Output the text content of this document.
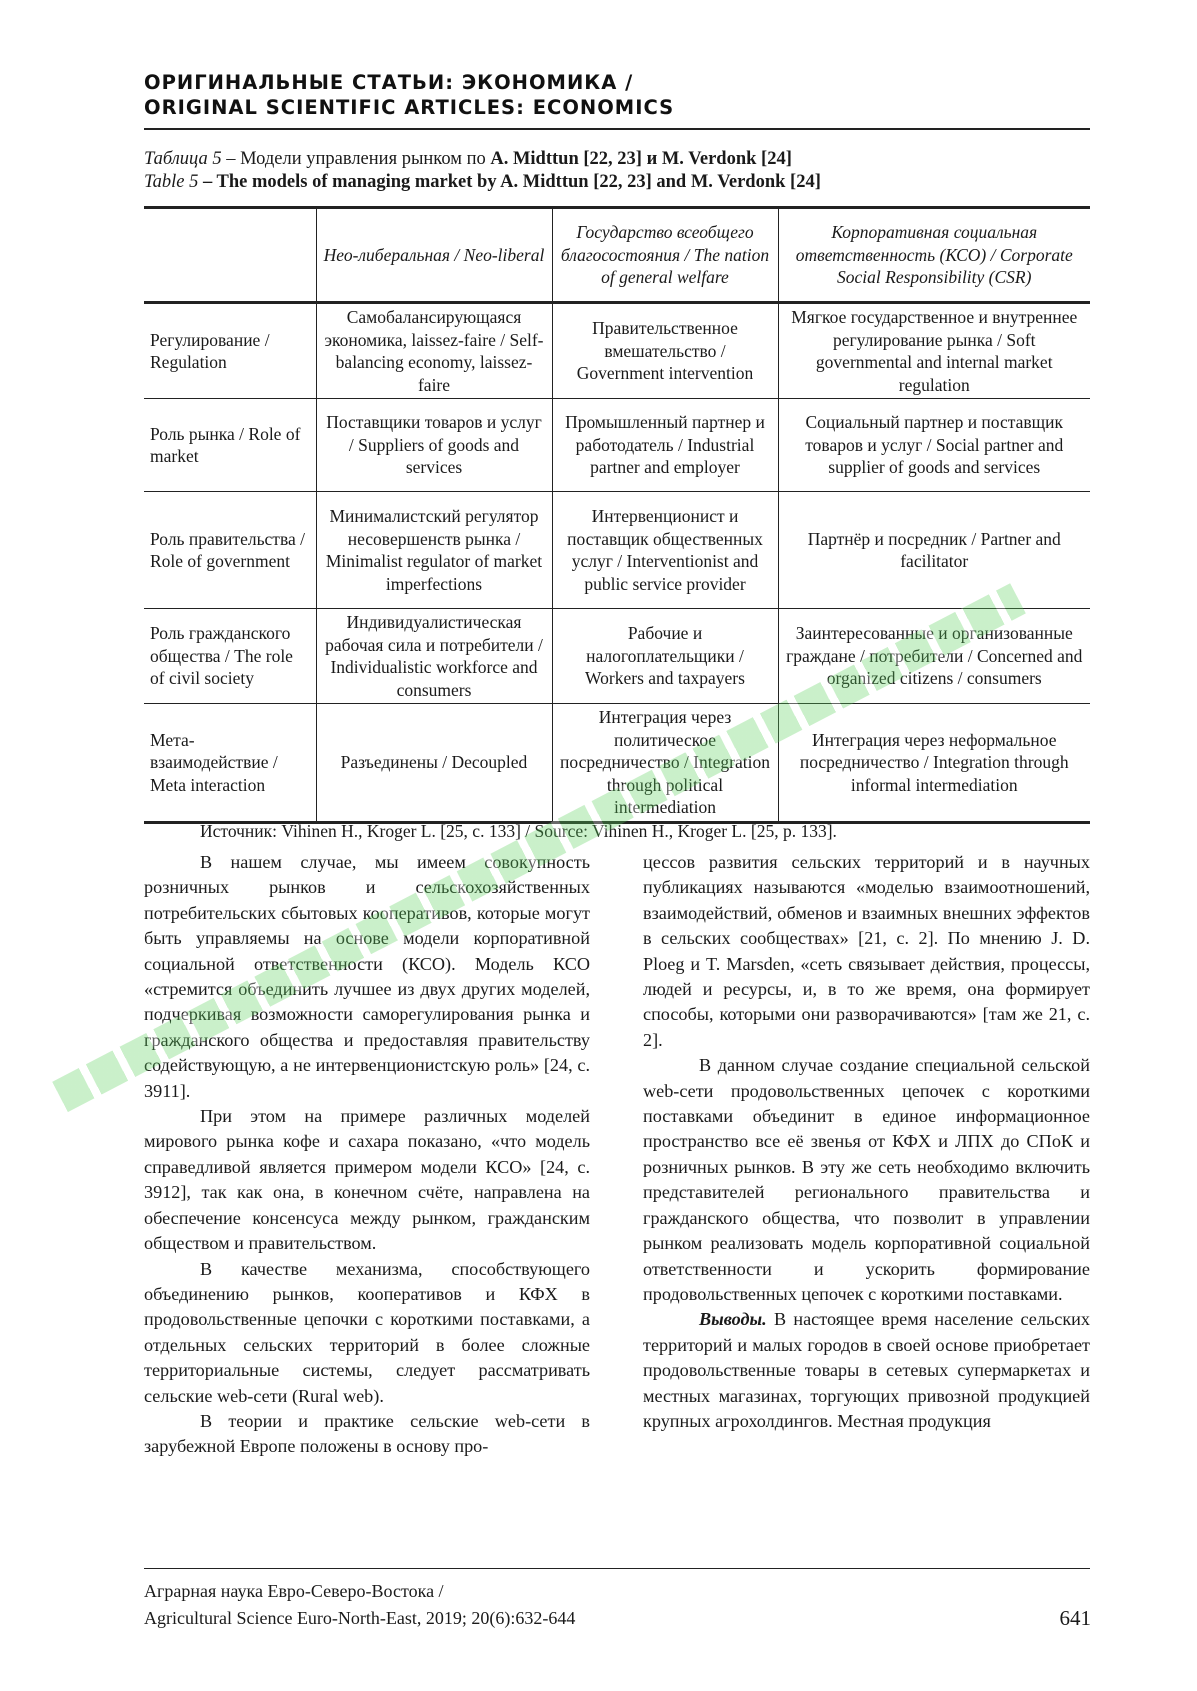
ОРИГИНАЛЬНЫЕ СТАТЬИ: ЭКОНОМИКА /
ORIGINAL SCIENTIFIC ARTICLES: ECONOMICS
Таблица 5 – Модели управления рынком по A. Midttun [22, 23] и M. Verdonk [24]
Table 5 – The models of managing market by A. Midttun [22, 23] and M. Verdonk [24]
	Нео-либеральная / Neo-liberal	Государство всеобщего благосостояния / The nation of general welfare	Корпоративная социальная ответственность (КСО) / Corporate Social Responsibility (CSR)
Регулирование / Regulation	Самобалансирующаяся экономика, laissez-faire / Self-balancing economy, laissez-faire	Правительственное вмешательство / Government intervention	Мягкое государственное и внутреннее регулирование рынка / Soft governmental and internal market regulation
Роль рынка / Role of market	Поставщики товаров и услуг / Suppliers of goods and services	Промышленный партнер и работодатель / Industrial partner and employer	Социальный партнер и поставщик товаров и услуг / Social partner and supplier of goods and services
Роль правительства / Role of government	Минималистский регулятор несовершенств рынка / Minimalist regulator of market imperfections	Интервенционист и поставщик общественных услуг / Interventionist and public service provider	Партнёр и посредник / Partner and facilitator
Роль гражданского общества / The role of civil society	Индивидуалистическая рабочая сила и потребители / Individualistic workforce and consumers	Рабочие и налогоплательщики / Workers and taxpayers	Заинтересованные и организованные граждане / потребители / Concerned and organized citizens / consumers
Мета-взаимодействие / Meta interaction	Разъединены / Decoupled	Интеграция через политическое посредничество / Integration through political intermediation	Интеграция через неформальное посредничество / Integration through informal intermediation
Источник: Vihinen H., Kroger L. [25, с. 133] / Source: Vihinen H., Kroger L. [25, p. 133].

В нашем случае, мы имеем совокупность розничных рынков и сельскохозяйственных потребительских сбытовых кооперативов, которые могут быть управляемы на основе модели корпоративной социальной ответственности (КСО). Модель КСО «стремится объединить лучшее из двух других моделей, подчеркивая возможности саморегулирования рынка и гражданского общества и предоставляя правительству содействующую, а не интервенционистскую роль» [24, с. 3911].

При этом на примере различных моделей мирового рынка кофе и сахара показано, «что модель справедливой является примером модели КСО» [24, с. 3912], так как она, в конечном счёте, направлена на обеспечение консенсуса между рынком, гражданским обществом и правительством.

В качестве механизма, способствующего объединению рынков, кооперативов и КФХ в продовольственные цепочки с короткими поставками, а отдельных сельских территорий в более сложные территориальные системы, следует рассматривать сельские web-сети (Rural web).

В теории и практике сельские web-сети в зарубежной Европе положены в основу про-

цессов развития сельских территорий и в научных публикациях называются «моделью взаимоотношений, взаимодействий, обменов и взаимных внешних эффектов в сельских сообществах» [21, с. 2]. По мнению J. D. Ploeg и T. Marsden, «сеть связывает действия, процессы, людей и ресурсы, и, в то же время, она формирует способы, которыми они разворачиваются» [там же 21, с. 2].

В данном случае создание специальной сельской web-сети продовольственных цепочек с короткими поставками объединит в единое информационное пространство все её звенья от КФХ и ЛПХ до СПоК и розничных рынков. В эту же сеть необходимо включить представителей регионального правительства и гражданского общества, что позволит в управлении рынком реализовать модель корпоративной социальной ответственности и ускорить формирование продовольственных цепочек с короткими поставками.

Выводы. В настоящее время население сельских территорий и малых городов в своей основе приобретает продовольственные товары в сетевых супермаркетах и местных магазинах, торгующих привозной продукцией крупных агрохолдингов. Местная продукция

Аграрная наука Евро-Северо-Востока /
Agricultural Science Euro-North-East, 2019; 20(6):632-644	641
